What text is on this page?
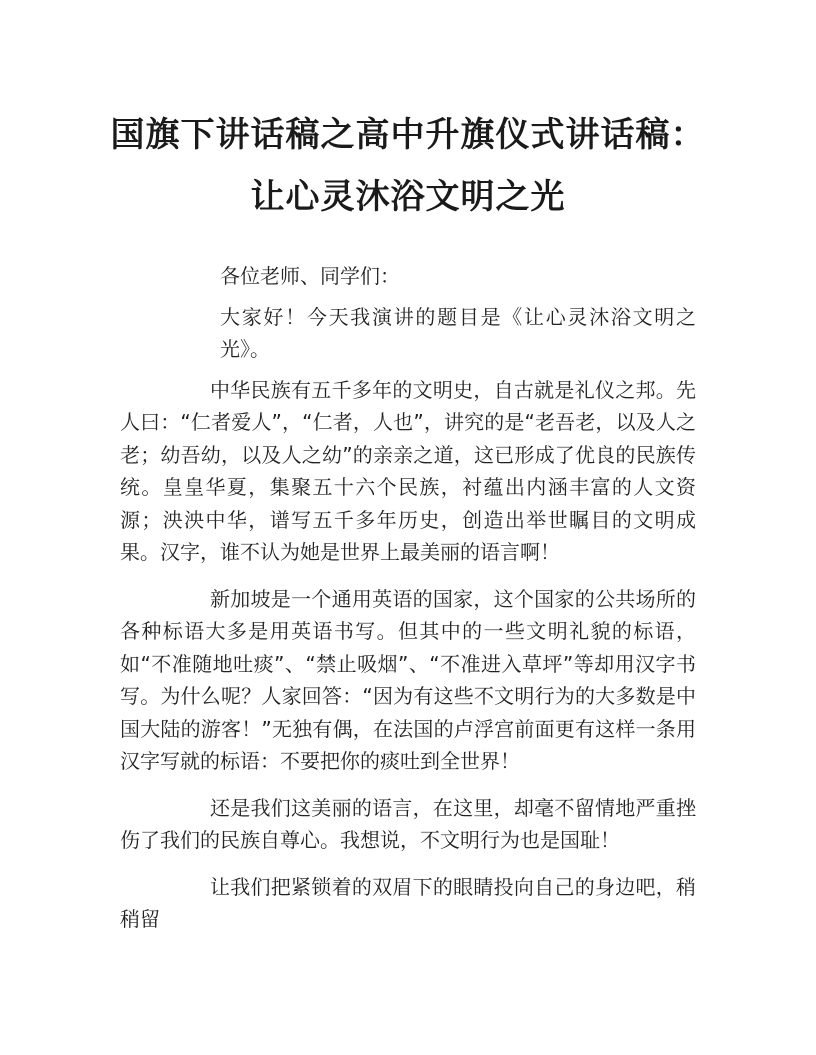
国旗下讲话稿之高中升旗仪式讲话稿：
让心灵沐浴文明之光

各位老师、同学们：

大家好！今天我演讲的题目是《让心灵沐浴文明之光》。

中华民族有五千多年的文明史，自古就是礼仪之邦。先人曰：“仁者爱人”，“仁者，人也”，讲究的是“老吾老，以及人之老；幼吾幼，以及人之幼”的亲亲之道，这已形成了优良的民族传统。皇皇华夏，集聚五十六个民族，衬蕴出内涵丰富的人文资源；泱泱中华，谱写五千多年历史，创造出举世瞩目的文明成果。汉字，谁不认为她是世界上最美丽的语言啊！

新加坡是一个通用英语的国家，这个国家的公共场所的各种标语大多是用英语书写。但其中的一些文明礼貌的标语，如“不准随地吐痰”、“禁止吸烟”、“不准进入草坪”等却用汉字书写。为什么呢？人家回答：“因为有这些不文明行为的大多数是中国大陆的游客！”无独有偶，在法国的卢浮宫前面更有这样一条用汉字写就的标语：不要把你的痰吐到全世界！

还是我们这美丽的语言，在这里，却毫不留情地严重挫伤了我们的民族自尊心。我想说，不文明行为也是国耻！

让我们把紧锁着的双眉下的眼睛投向自己的身边吧，稍稍留
